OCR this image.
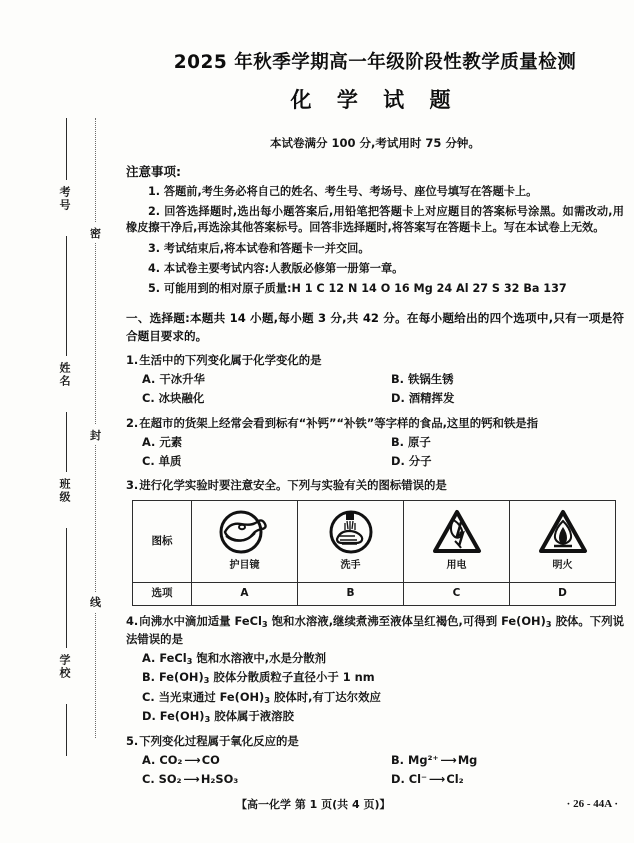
考号
姓名
班级
学校
密
封
线
2025 年秋季学期高一年级阶段性教学质量检测
化 学 试 题
本试卷满分 100 分,考试用时 75 分钟。
注意事项:
1. 答题前,考生务必将自己的姓名、考生号、考场号、座位号填写在答题卡上。
2. 回答选择题时,选出每小题答案后,用铅笔把答题卡上对应题目的答案标号涂黑。如需改动,用橡皮擦干净后,再选涂其他答案标号。回答非选择题时,将答案写在答题卡上。写在本试卷上无效。
3. 考试结束后,将本试卷和答题卡一并交回。
4. 本试卷主要考试内容:人教版必修第一册第一章。
5. 可能用到的相对原子质量:H 1 C 12 N 14 O 16 Mg 24 Al 27 S 32 Ba 137
一、选择题:本题共 14 小题,每小题 3 分,共 42 分。在每小题给出的四个选项中,只有一项是符合题目要求的。
1.生活中的下列变化属于化学变化的是
A. 干冰升华	B. 铁锅生锈
C. 冰块融化	D. 酒精挥发
2.在超市的货架上经常会看到标有“补钙”“补铁”等字样的食品,这里的钙和铁是指
A. 元素	B. 原子
C. 单质	D. 分子
3.进行化学实验时要注意安全。下列与实验有关的图标错误的是
图标	护目镜	洗手	用电	明火

选项	A	B	C	D
4.向沸水中滴加适量 FeCl$_3$ 饱和水溶液,继续煮沸至液体呈红褐色,可得到 $Fe(OH)_3$ 胶体。下列说法错误的是
A. FeCl$_3$ 饱和水溶液中,水是分散剂
B. $Fe(OH)_3$ 胶体分散质粒子直径小于 1 nm
C. 当光束通过 $Fe(OH)_3$ 胶体时,有丁达尔效应
D. $Fe(OH)_3$ 胶体属于液溶胶
5.下列变化过程属于氧化反应的是
A. CO₂ ⟶ CO	B. Mg²⁺ ⟶ Mg
C. SO₂ ⟶ H₂SO₃	D. Cl⁻ ⟶ Cl₂
【高一化学 第 1 页(共 4 页)】	· 26 - 44A ·
